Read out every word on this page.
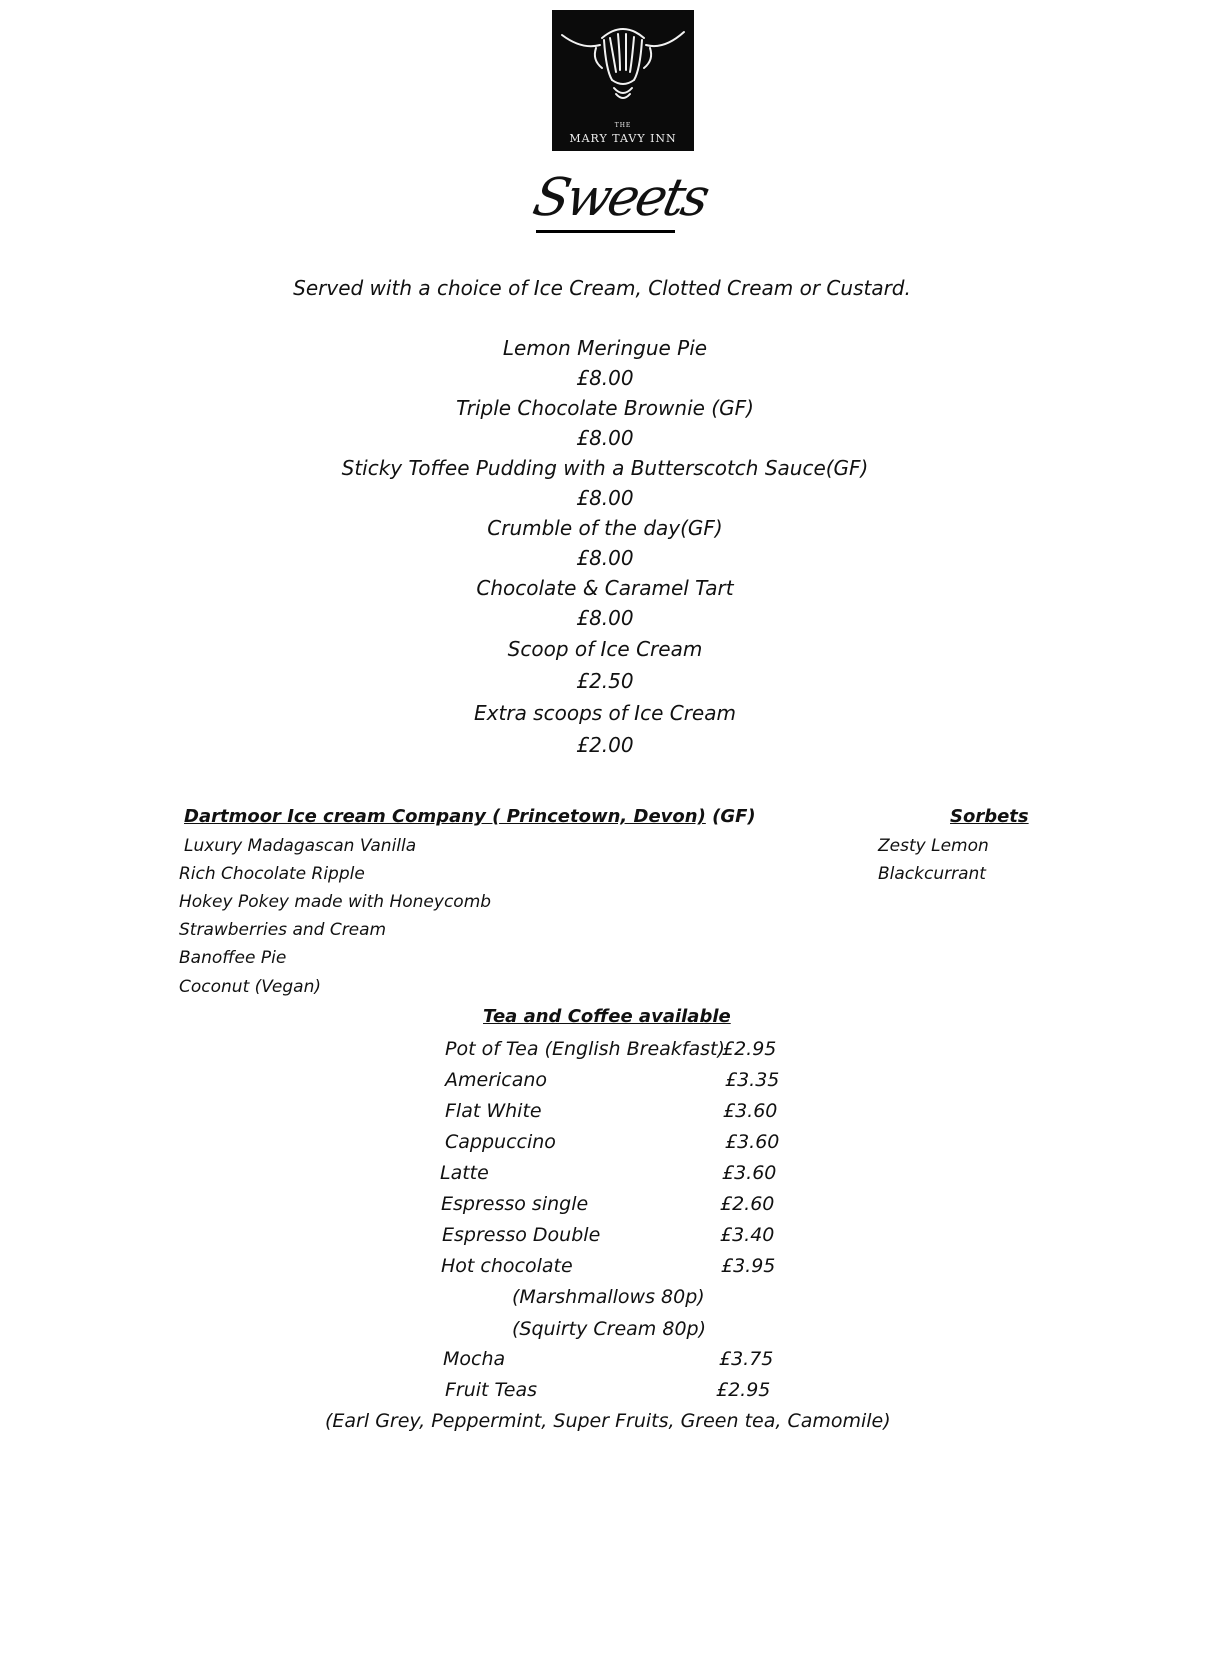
THE
MARY TAVY INN
Sweets
Served with a choice of Ice Cream, Clotted Cream or Custard.
Lemon Meringue Pie
£8.00
Triple Chocolate Brownie (GF)
£8.00
Sticky Toffee Pudding with a Butterscotch Sauce(GF)
£8.00
Crumble of the day(GF)
£8.00
Chocolate & Caramel Tart
£8.00
Scoop of Ice Cream
£2.50
Extra scoops of Ice Cream
£2.00
Dartmoor Ice cream Company ( Princetown, Devon) (GF)
Luxury Madagascan Vanilla
Rich Chocolate Ripple
Hokey Pokey made with Honeycomb
Strawberries and Cream
Banoffee Pie
Coconut (Vegan)
Sorbets
Zesty Lemon
Blackcurrant
Tea and Coffee available
Pot of Tea (English Breakfast)
£2.95
Americano	£3.35
Flat White	£3.60
Cappuccino	£3.60
Latte	£3.60
Espresso single	£2.60
Espresso Double	£3.40
Hot chocolate	£3.95
(Marshmallows 80p)
(Squirty Cream 80p)
Mocha	£3.75
Fruit Teas	£2.95
(Earl Grey, Peppermint, Super Fruits, Green tea, Camomile)
